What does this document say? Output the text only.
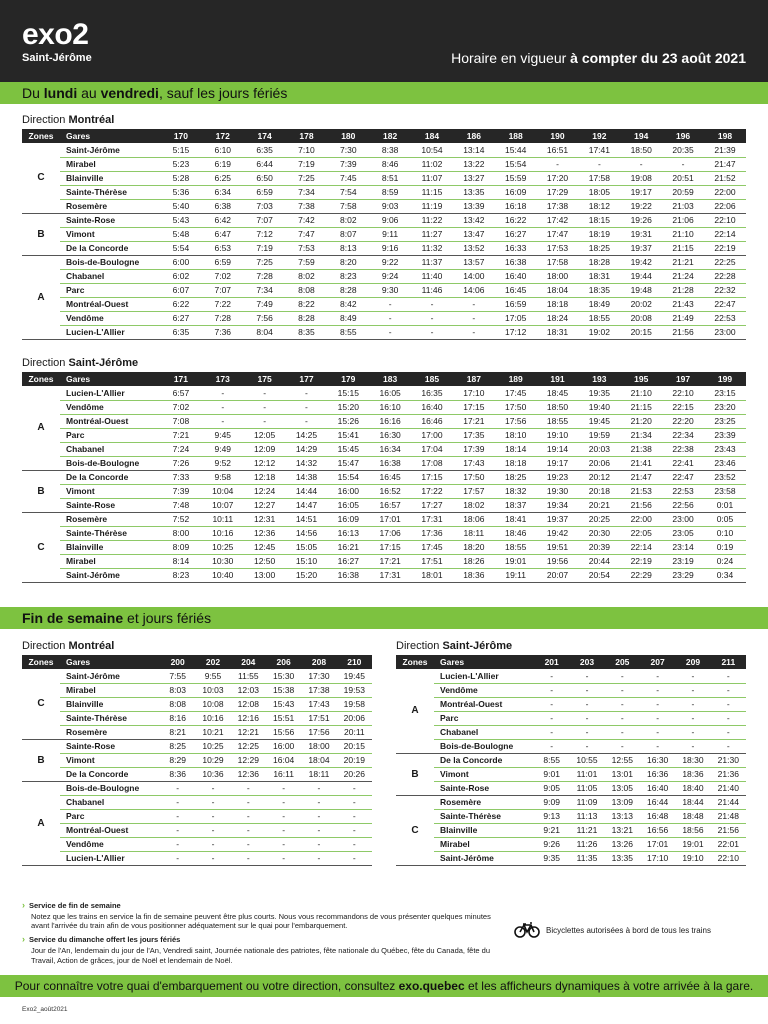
exo2
Saint-Jérôme	Horaire en vigueur à compter du 23 août 2021
Du lundi au vendredi, sauf les jours fériés
Direction Montréal
Zones	Gares	170	172	174	178	180	182	184	186	188	190	192	194	196	198
C	Saint-Jérôme	5:15	6:10	6:35	7:10	7:30	8:38	10:54	13:14	15:44	16:51	17:41	18:50	20:35	21:39
	Mirabel	5:23	6:19	6:44	7:19	7:39	8:46	11:02	13:22	15:54	-	-	-	-	21:47
	Blainville	5:28	6:25	6:50	7:25	7:45	8:51	11:07	13:27	15:59	17:20	17:58	19:08	20:51	21:52
	Sainte-Thérèse	5:36	6:34	6:59	7:34	7:54	8:59	11:15	13:35	16:09	17:29	18:05	19:17	20:59	22:00
	Rosemère	5:40	6:38	7:03	7:38	7:58	9:03	11:19	13:39	16:18	17:38	18:12	19:22	21:03	22:06
B	Sainte-Rose	5:43	6:42	7:07	7:42	8:02	9:06	11:22	13:42	16:22	17:42	18:15	19:26	21:06	22:10
	Vimont	5:48	6:47	7:12	7:47	8:07	9:11	11:27	13:47	16:27	17:47	18:19	19:31	21:10	22:14
	De la Concorde	5:54	6:53	7:19	7:53	8:13	9:16	11:32	13:52	16:33	17:53	18:25	19:37	21:15	22:19
A	Bois-de-Boulogne	6:00	6:59	7:25	7:59	8:20	9:22	11:37	13:57	16:38	17:58	18:28	19:42	21:21	22:25
	Chabanel	6:02	7:02	7:28	8:02	8:23	9:24	11:40	14:00	16:40	18:00	18:31	19:44	21:24	22:28
	Parc	6:07	7:07	7:34	8:08	8:28	9:30	11:46	14:06	16:45	18:04	18:35	19:48	21:28	22:32
	Montréal-Ouest	6:22	7:22	7:49	8:22	8:42	-	-	-	16:59	18:18	18:49	20:02	21:43	22:47
	Vendôme	6:27	7:28	7:56	8:28	8:49	-	-	-	17:05	18:24	18:55	20:08	21:49	22:53
	Lucien-L'Allier	6:35	7:36	8:04	8:35	8:55	-	-	-	17:12	18:31	19:02	20:15	21:56	23:00
Direction Saint-Jérôme
Zones	Gares	171	173	175	177	179	183	185	187	189	191	193	195	197	199
A	Lucien-L'Allier	6:57	-	-	-	15:15	16:05	16:35	17:10	17:45	18:45	19:35	21:10	22:10	23:15
	Vendôme	7:02	-	-	-	15:20	16:10	16:40	17:15	17:50	18:50	19:40	21:15	22:15	23:20
	Montréal-Ouest	7:08	-	-	-	15:26	16:16	16:46	17:21	17:56	18:55	19:45	21:20	22:20	23:25
	Parc	7:21	9:45	12:05	14:25	15:41	16:30	17:00	17:35	18:10	19:10	19:59	21:34	22:34	23:39
	Chabanel	7:24	9:49	12:09	14:29	15:45	16:34	17:04	17:39	18:14	19:14	20:03	21:38	22:38	23:43
	Bois-de-Boulogne	7:26	9:52	12:12	14:32	15:47	16:38	17:08	17:43	18:18	19:17	20:06	21:41	22:41	23:46
B	De la Concorde	7:33	9:58	12:18	14:38	15:54	16:45	17:15	17:50	18:25	19:23	20:12	21:47	22:47	23:52
	Vimont	7:39	10:04	12:24	14:44	16:00	16:52	17:22	17:57	18:32	19:30	20:18	21:53	22:53	23:58
	Sainte-Rose	7:48	10:07	12:27	14:47	16:05	16:57	17:27	18:02	18:37	19:34	20:21	21:56	22:56	0:01
C	Rosemère	7:52	10:11	12:31	14:51	16:09	17:01	17:31	18:06	18:41	19:37	20:25	22:00	23:00	0:05
	Sainte-Thérèse	8:00	10:16	12:36	14:56	16:13	17:06	17:36	18:11	18:46	19:42	20:30	22:05	23:05	0:10
	Blainville	8:09	10:25	12:45	15:05	16:21	17:15	17:45	18:20	18:55	19:51	20:39	22:14	23:14	0:19
	Mirabel	8:14	10:30	12:50	15:10	16:27	17:21	17:51	18:26	19:01	19:56	20:44	22:19	23:19	0:24
	Saint-Jérôme	8:23	10:40	13:00	15:20	16:38	17:31	18:01	18:36	19:11	20:07	20:54	22:29	23:29	0:34
Fin de semaine et jours fériés
Direction Montréal
Zones	Gares	200	202	204	206	208	210
C	Saint-Jérôme	7:55	9:55	11:55	15:30	17:30	19:45
	Mirabel	8:03	10:03	12:03	15:38	17:38	19:53
	Blainville	8:08	10:08	12:08	15:43	17:43	19:58
	Sainte-Thérèse	8:16	10:16	12:16	15:51	17:51	20:06
	Rosemère	8:21	10:21	12:21	15:56	17:56	20:11
B	Sainte-Rose	8:25	10:25	12:25	16:00	18:00	20:15
	Vimont	8:29	10:29	12:29	16:04	18:04	20:19
	De la Concorde	8:36	10:36	12:36	16:11	18:11	20:26
A	Bois-de-Boulogne	-	-	-	-	-	-
	Chabanel	-	-	-	-	-	-
	Parc	-	-	-	-	-	-
	Montréal-Ouest	-	-	-	-	-	-
	Vendôme	-	-	-	-	-	-
	Lucien-L'Allier	-	-	-	-	-	-
Direction Saint-Jérôme
Zones	Gares	201	203	205	207	209	211
A	Lucien-L'Allier	-	-	-	-	-	-
	Vendôme	-	-	-	-	-	-
	Montréal-Ouest	-	-	-	-	-	-
	Parc	-	-	-	-	-	-
	Chabanel	-	-	-	-	-	-
	Bois-de-Boulogne	-	-	-	-	-	-
B	De la Concorde	8:55	10:55	12:55	16:30	18:30	21:30
	Vimont	9:01	11:01	13:01	16:36	18:36	21:36
	Sainte-Rose	9:05	11:05	13:05	16:40	18:40	21:40
C	Rosemère	9:09	11:09	13:09	16:44	18:44	21:44
	Sainte-Thérèse	9:13	11:13	13:13	16:48	18:48	21:48
	Blainville	9:21	11:21	13:21	16:56	18:56	21:56
	Mirabel	9:26	11:26	13:26	17:01	19:01	22:01
	Saint-Jérôme	9:35	11:35	13:35	17:10	19:10	22:10
› Service de fin de semaine
Notez que les trains en service la fin de semaine peuvent être plus courts. Nous vous recommandons de vous présenter quelques minutes avant l'arrivée du train afin de vous positionner adéquatement sur le quai pour l'embarquement.
› Service du dimanche offert les jours fériés
Jour de l'An, lendemain du jour de l'An, Vendredi saint, Journée nationale des patriotes, fête nationale du Québec, fête du Canada, fête du Travail, Action de grâces, jour de Noël et lendemain de Noël.
Bicyclettes autorisées à bord de tous les trains
Pour connaître votre quai d'embarquement ou votre direction, consultez exo.quebec et les afficheurs dynamiques à votre arrivée à la gare.
Exo2_août2021
